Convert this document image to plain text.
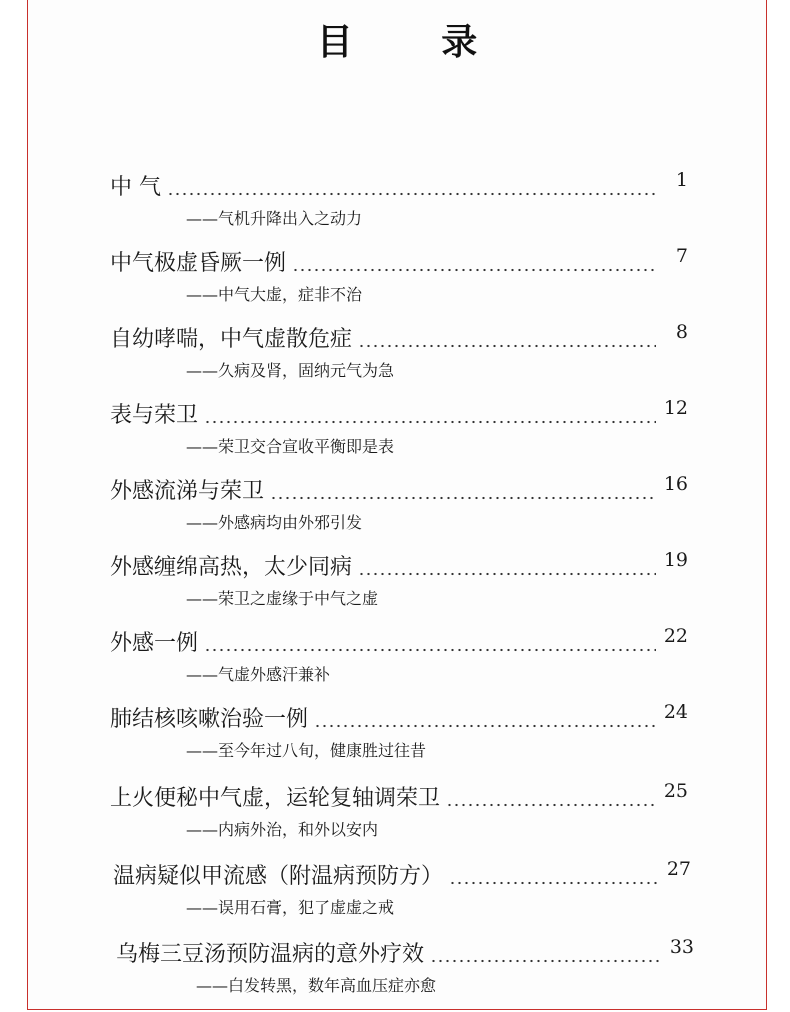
目 录
中 气	1
——气机升降出入之动力
中气极虚昏厥一例	7
——中气大虚，症非不治
自幼哮喘，中气虚散危症	8
——久病及肾，固纳元气为急
表与荣卫	12
——荣卫交合宣收平衡即是表
外感流涕与荣卫	16
——外感病均由外邪引发
外感缠绵高热，太少同病	19
——荣卫之虚缘于中气之虚
外感一例	22
——气虚外感汗兼补
肺结核咳嗽治验一例	24
——至今年过八旬，健康胜过往昔
上火便秘中气虚，运轮复轴调荣卫	25
——内病外治，和外以安内
温病疑似甲流感（附温病预防方）	27
——误用石膏，犯了虚虚之戒
乌梅三豆汤预防温病的意外疗效	33
——白发转黑，数年高血压症亦愈
